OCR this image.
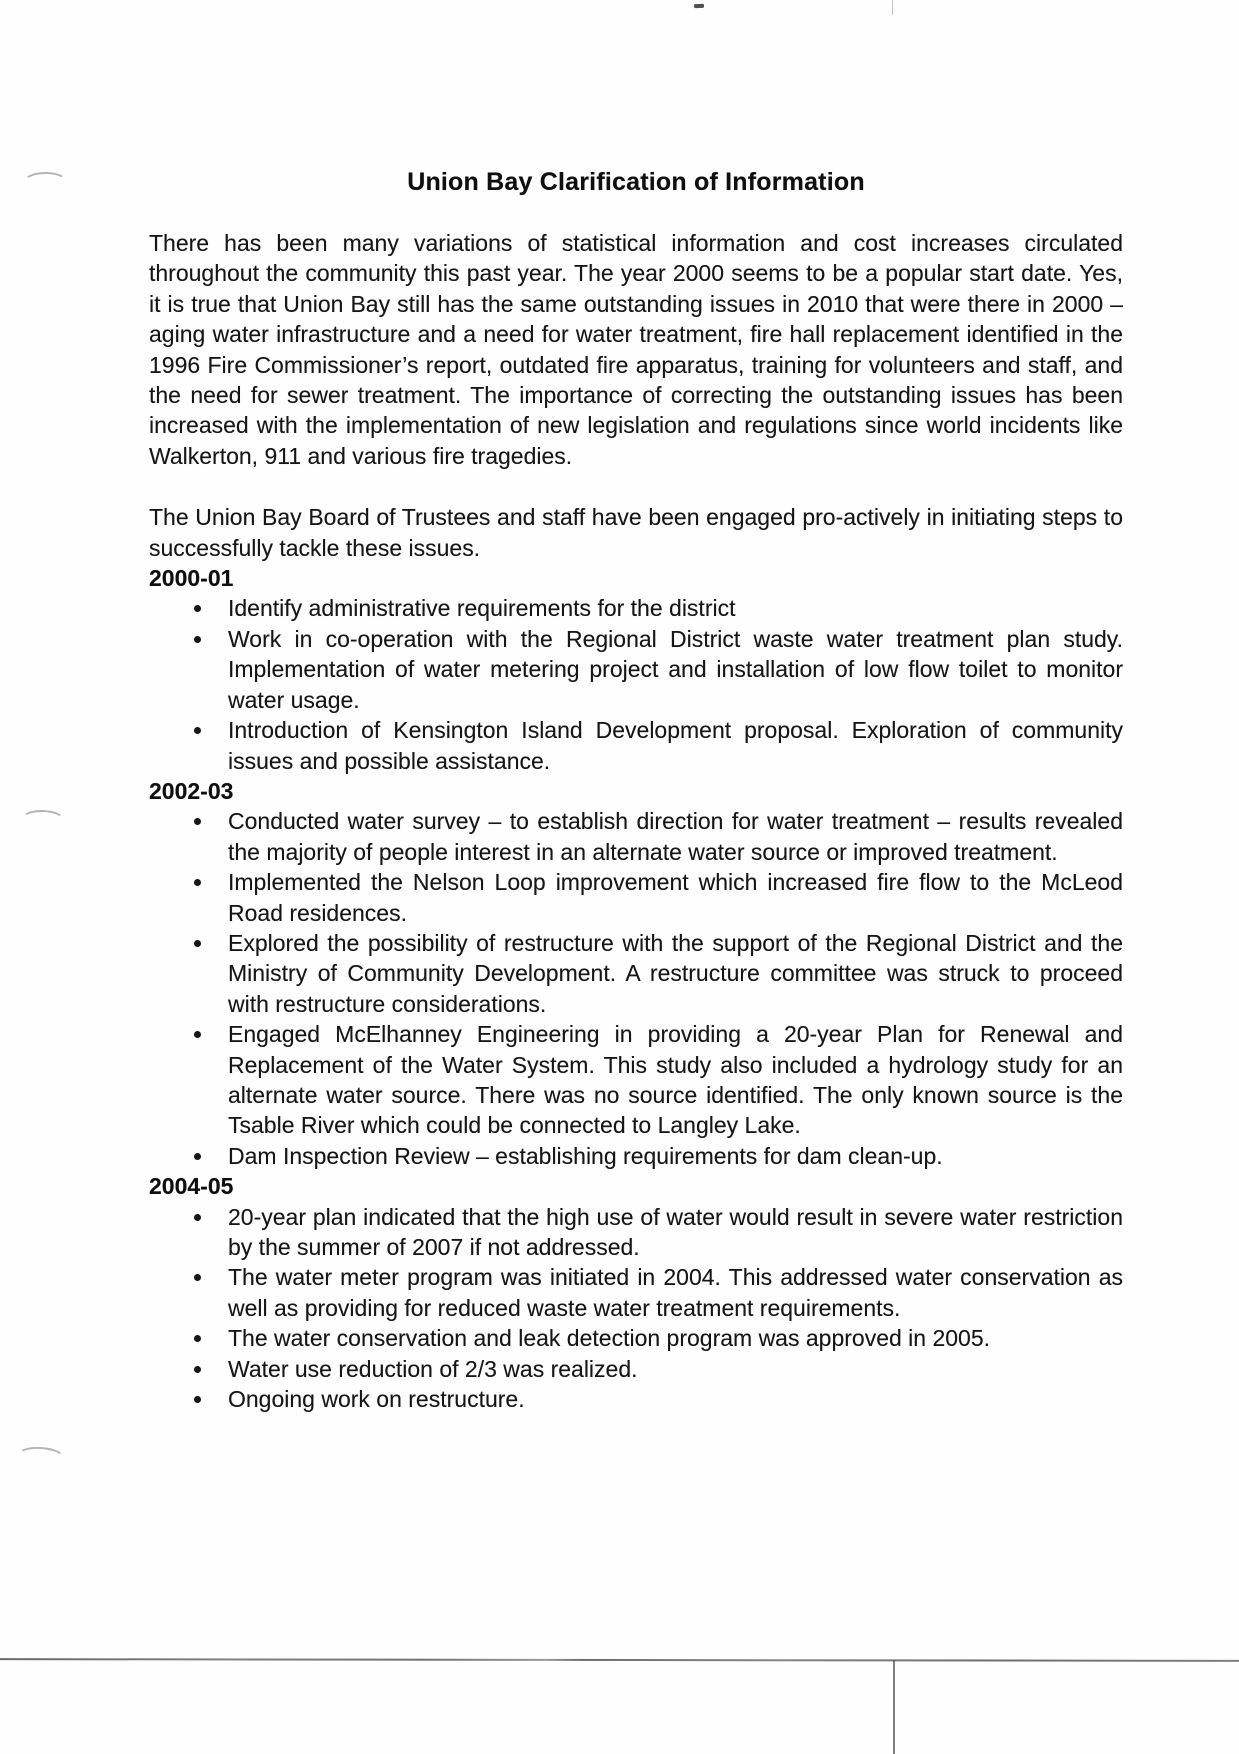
Union Bay Clarification of Information

There has been many variations of statistical information and cost increases circulated throughout the community this past year. The year 2000 seems to be a popular start date. Yes, it is true that Union Bay still has the same outstanding issues in 2010 that were there in 2000 – aging water infrastructure and a need for water treatment, fire hall replacement identified in the 1996 Fire Commissioner’s report, outdated fire apparatus, training for volunteers and staff, and the need for sewer treatment. The importance of correcting the outstanding issues has been increased with the implementation of new legislation and regulations since world incidents like Walkerton, 911 and various fire tragedies.

The Union Bay Board of Trustees and staff have been engaged pro-actively in initiating steps to successfully tackle these issues.

2000-01
Identify administrative requirements for the district
Work in co-operation with the Regional District waste water treatment plan study. Implementation of water metering project and installation of low flow toilet to monitor water usage.
Introduction of Kensington Island Development proposal. Exploration of community issues and possible assistance.
2002-03
Conducted water survey – to establish direction for water treatment – results revealed the majority of people interest in an alternate water source or improved treatment.
Implemented the Nelson Loop improvement which increased fire flow to the McLeod Road residences.
Explored the possibility of restructure with the support of the Regional District and the Ministry of Community Development. A restructure committee was struck to proceed with restructure considerations.
Engaged McElhanney Engineering in providing a 20-year Plan for Renewal and Replacement of the Water System. This study also included a hydrology study for an alternate water source. There was no source identified. The only known source is the Tsable River which could be connected to Langley Lake.
Dam Inspection Review – establishing requirements for dam clean-up.
2004-05
20-year plan indicated that the high use of water would result in severe water restriction by the summer of 2007 if not addressed.
The water meter program was initiated in 2004. This addressed water conservation as well as providing for reduced waste water treatment requirements.
The water conservation and leak detection program was approved in 2005.
Water use reduction of 2/3 was realized.
Ongoing work on restructure.
